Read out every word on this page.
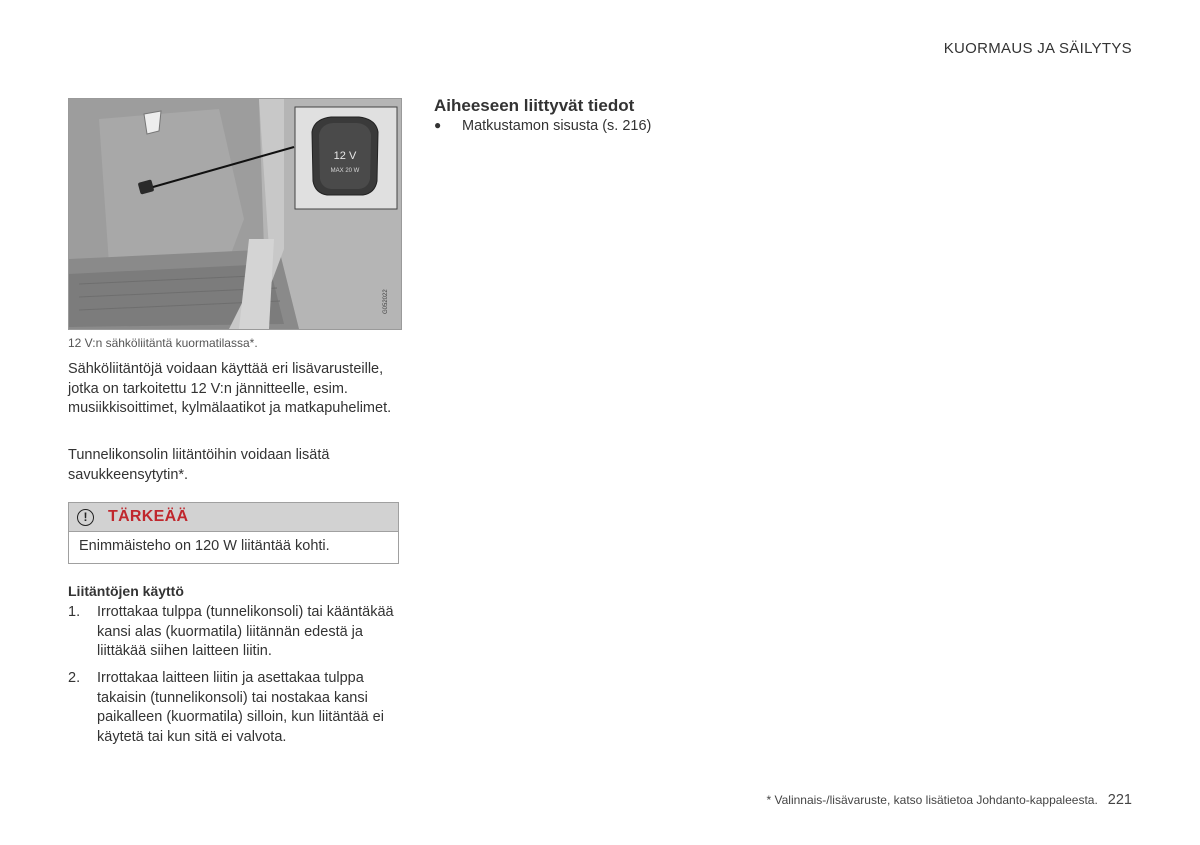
KUORMAUS JA SÄILYTYS
12 V
MAX 20 W
G052022
12 V:n sähköliitäntä kuormatilassa*.

Sähköliitäntöjä voidaan käyttää eri lisävarusteille, jotka on tarkoitettu 12 V:n jännitteelle, esim. musiikkisoittimet, kylmälaatikot ja matkapuhelimet.

Tunnelikonsolin liitäntöihin voidaan lisätä savukkeensytytin*.

!	TÄRKEÄÄ
Enimmäisteho on 120 W liitäntää kohti.
Liitäntöjen käyttö
1. Irrottakaa tulppa (tunnelikonsoli) tai kääntäkää kansi alas (kuormatila) liitännän edestä ja liittäkää siihen laitteen liitin.
2. Irrottakaa laitteen liitin ja asettakaa tulppa takaisin (tunnelikonsoli) tai nostakaa kansi paikalleen (kuormatila) silloin, kun liitäntää ei käytetä tai kun sitä ei valvota.
Aiheeseen liittyvät tiedot
● Matkustamon sisusta (s. 216)
* Valinnais-/lisävaruste, katso lisätietoa Johdanto-kappaleesta. 221
